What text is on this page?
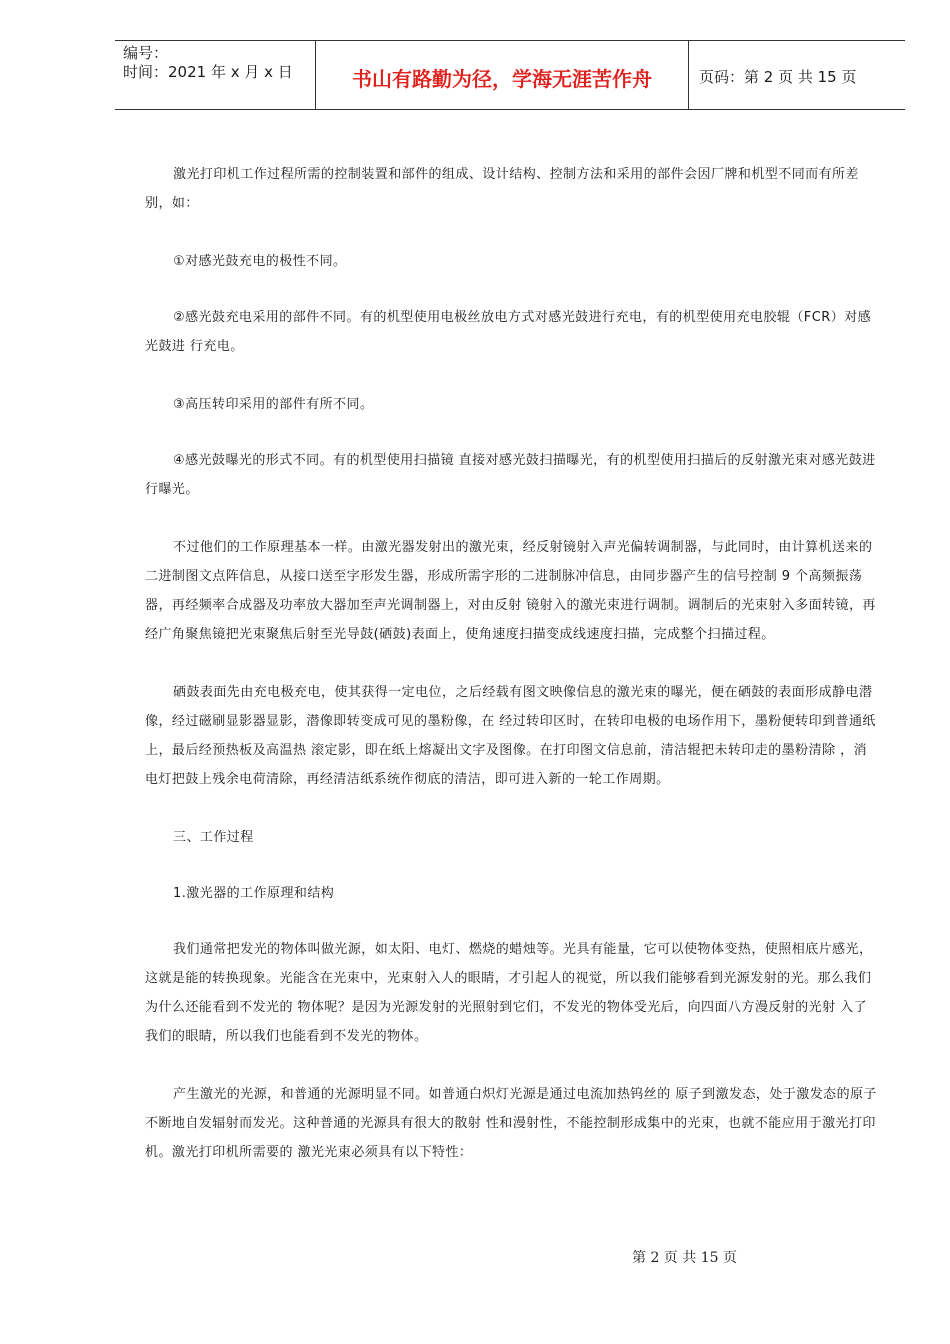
编号：
时间：2021 年 x 月 x 日	书山有路勤为径，学海无涯苦作舟	页码：第 2 页 共 15 页

激光打印机工作过程所需的控制装置和部件的组成、设计结构、控制方法和采用的部件会因厂牌和机型不同而有所差别，如：

①对感光鼓充电的极性不同。

②感光鼓充电采用的部件不同。有的机型使用电极丝放电方式对感光鼓进行充电，有的机型使用充电胶辊（FCR）对感光鼓进 行充电。

③高压转印采用的部件有所不同。

④感光鼓曝光的形式不同。有的机型使用扫描镜 直接对感光鼓扫描曝光，有的机型使用扫描后的反射激光束对感光鼓进行曝光。

不过他们的工作原理基本一样。由激光器发射出的激光束，经反射镜射入声光偏转调制器，与此同时，由计算机送来的二进制图文点阵信息，从接口送至字形发生器，形成所需字形的二进制脉冲信息，由同步器产生的信号控制 9 个高频振荡器，再经频率合成器及功率放大器加至声光调制器上，对由反射 镜射入的激光束进行调制。调制后的光束射入多面转镜，再经广角聚焦镜把光束聚焦后射至光导鼓(硒鼓)表面上，使角速度扫描变成线速度扫描，完成整个扫描过程。

硒鼓表面先由充电极充电，使其获得一定电位，之后经载有图文映像信息的激光束的曝光，便在硒鼓的表面形成静电潜像，经过磁刷显影器显影，潜像即转变成可见的墨粉像，在 经过转印区时，在转印电极的电场作用下，墨粉便转印到普通纸上，最后经预热板及高温热 滚定影，即在纸上熔凝出文字及图像。在打印图文信息前，清洁辊把未转印走的墨粉清除 ，消电灯把鼓上残余电荷清除，再经清洁纸系统作彻底的清洁，即可进入新的一轮工作周期。

三、工作过程

1.激光器的工作原理和结构

我们通常把发光的物体叫做光源，如太阳、电灯、燃烧的蜡烛等。光具有能量，它可以使物体变热，使照相底片感光，这就是能的转换现象。光能含在光束中，光束射入人的眼睛，才引起人的视觉，所以我们能够看到光源发射的光。那么我们为什么还能看到不发光的 物体呢？是因为光源发射的光照射到它们，不发光的物体受光后，向四面八方漫反射的光射 入了我们的眼睛，所以我们也能看到不发光的物体。

产生激光的光源，和普通的光源明显不同。如普通白炽灯光源是通过电流加热钨丝的 原子到激发态，处于激发态的原子不断地自发辐射而发光。这种普通的光源具有很大的散射 性和漫射性，不能控制形成集中的光束，也就不能应用于激光打印机。激光打印机所需要的 激光光束必须具有以下特性：

第 2 页 共 15 页
